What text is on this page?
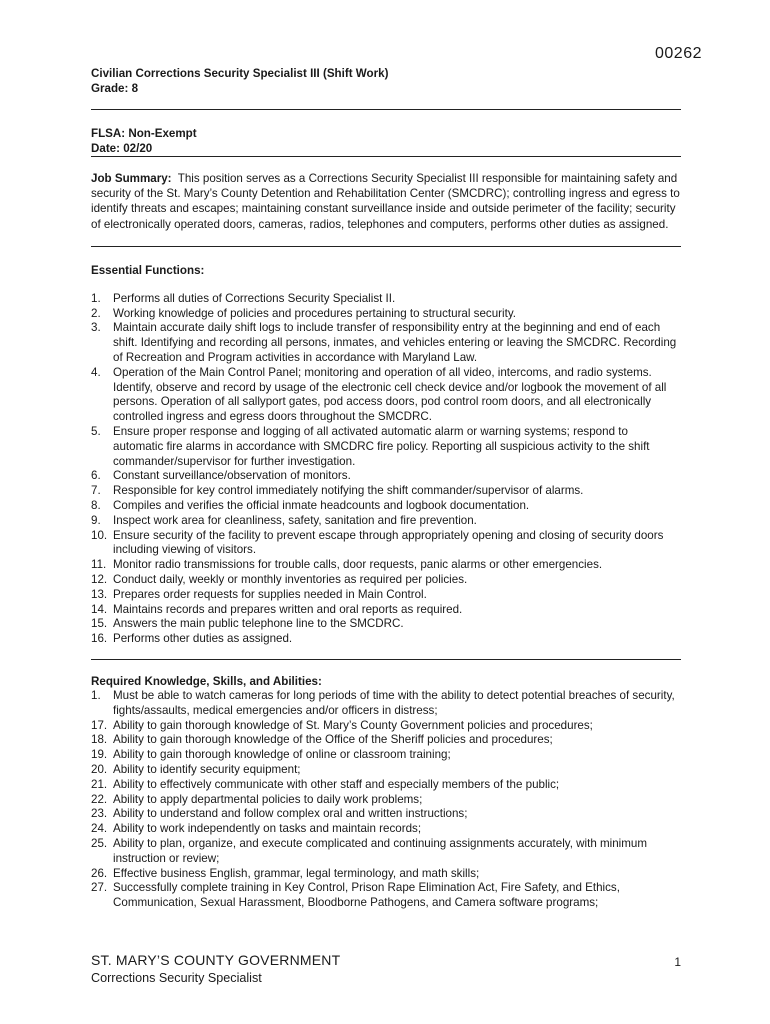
00262
Civilian Corrections Security Specialist III (Shift Work)
Grade: 8
FLSA: Non-Exempt
Date: 02/20
Job Summary: This position serves as a Corrections Security Specialist III responsible for maintaining safety and security of the St. Mary’s County Detention and Rehabilitation Center (SMCDRC); controlling ingress and egress to identify threats and escapes; maintaining constant surveillance inside and outside perimeter of the facility; security of electronically operated doors, cameras, radios, telephones and computers, performs other duties as assigned.
Essential Functions:
1. Performs all duties of Corrections Security Specialist II.
2. Working knowledge of policies and procedures pertaining to structural security.
3. Maintain accurate daily shift logs to include transfer of responsibility entry at the beginning and end of each shift. Identifying and recording all persons, inmates, and vehicles entering or leaving the SMCDRC. Recording of Recreation and Program activities in accordance with Maryland Law.
4. Operation of the Main Control Panel; monitoring and operation of all video, intercoms, and radio systems. Identify, observe and record by usage of the electronic cell check device and/or logbook the movement of all persons. Operation of all sallyport gates, pod access doors, pod control room doors, and all electronically controlled ingress and egress doors throughout the SMCDRC.
5. Ensure proper response and logging of all activated automatic alarm or warning systems; respond to automatic fire alarms in accordance with SMCDRC fire policy. Reporting all suspicious activity to the shift commander/supervisor for further investigation.
6. Constant surveillance/observation of monitors.
7. Responsible for key control immediately notifying the shift commander/supervisor of alarms.
8. Compiles and verifies the official inmate headcounts and logbook documentation.
9. Inspect work area for cleanliness, safety, sanitation and fire prevention.
10. Ensure security of the facility to prevent escape through appropriately opening and closing of security doors including viewing of visitors.
11. Monitor radio transmissions for trouble calls, door requests, panic alarms or other emergencies.
12. Conduct daily, weekly or monthly inventories as required per policies.
13. Prepares order requests for supplies needed in Main Control.
14. Maintains records and prepares written and oral reports as required.
15. Answers the main public telephone line to the SMCDRC.
16. Performs other duties as assigned.
Required Knowledge, Skills, and Abilities:
1. Must be able to watch cameras for long periods of time with the ability to detect potential breaches of security, fights/assaults, medical emergencies and/or officers in distress;
17. Ability to gain thorough knowledge of St. Mary’s County Government policies and procedures;
18. Ability to gain thorough knowledge of the Office of the Sheriff policies and procedures;
19. Ability to gain thorough knowledge of online or classroom training;
20. Ability to identify security equipment;
21. Ability to effectively communicate with other staff and especially members of the public;
22. Ability to apply departmental policies to daily work problems;
23. Ability to understand and follow complex oral and written instructions;
24. Ability to work independently on tasks and maintain records;
25. Ability to plan, organize, and execute complicated and continuing assignments accurately, with minimum instruction or review;
26. Effective business English, grammar, legal terminology, and math skills;
27. Successfully complete training in Key Control, Prison Rape Elimination Act, Fire Safety, and Ethics, Communication, Sexual Harassment, Bloodborne Pathogens, and Camera software programs;
ST. MARY’S COUNTY GOVERNMENT
Corrections Security Specialist
1
